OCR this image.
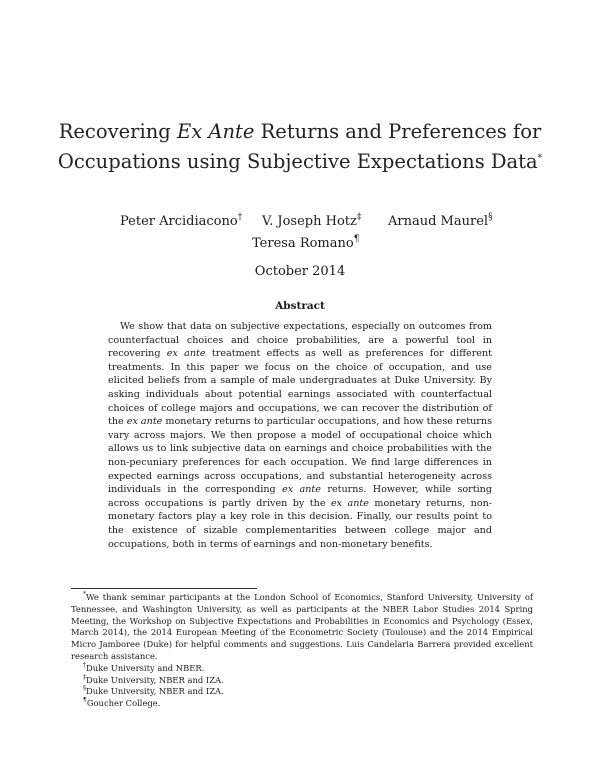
Recovering Ex Ante Returns and Preferences for
Occupations using Subjective Expectations Data*
Peter Arcidiacono† V. Joseph Hotz‡ Arnaud Maurel§
Teresa Romano¶
October 2014
Abstract

We show that data on subjective expectations, especially on outcomes from counterfactual choices and choice probabilities, are a powerful tool in recovering ex ante treatment effects as well as preferences for different treatments. In this paper we focus on the choice of occupation, and use elicited beliefs from a sample of male undergraduates at Duke University. By asking individuals about potential earnings associated with counterfactual choices of college majors and occupations, we can recover the distribution of the ex ante monetary returns to particular occupations, and how these returns vary across majors. We then propose a model of occupational choice which allows us to link subjective data on earnings and choice probabilities with the non-pecuniary preferences for each occupation. We find large differences in expected earnings across occupations, and substantial heterogeneity across individuals in the corresponding ex ante returns. However, while sorting across occupations is partly driven by the ex ante monetary returns, non-monetary factors play a key role in this decision. Finally, our results point to the existence of sizable complementarities between college major and occupations, both in terms of earnings and non-monetary benefits.

*We thank seminar participants at the London School of Economics, Stanford University, University of Tennessee, and Washington University, as well as participants at the NBER Labor Studies 2014 Spring Meeting, the Workshop on Subjective Expectations and Probabilities in Economics and Psychology (Essex, March 2014), the 2014 European Meeting of the Econometric Society (Toulouse) and the 2014 Empirical Micro Jamboree (Duke) for helpful comments and suggestions. Luis Candelaria Barrera provided excellent research assistance.

†Duke University and NBER.

‡Duke University, NBER and IZA.

§Duke University, NBER and IZA.

¶Goucher College.
